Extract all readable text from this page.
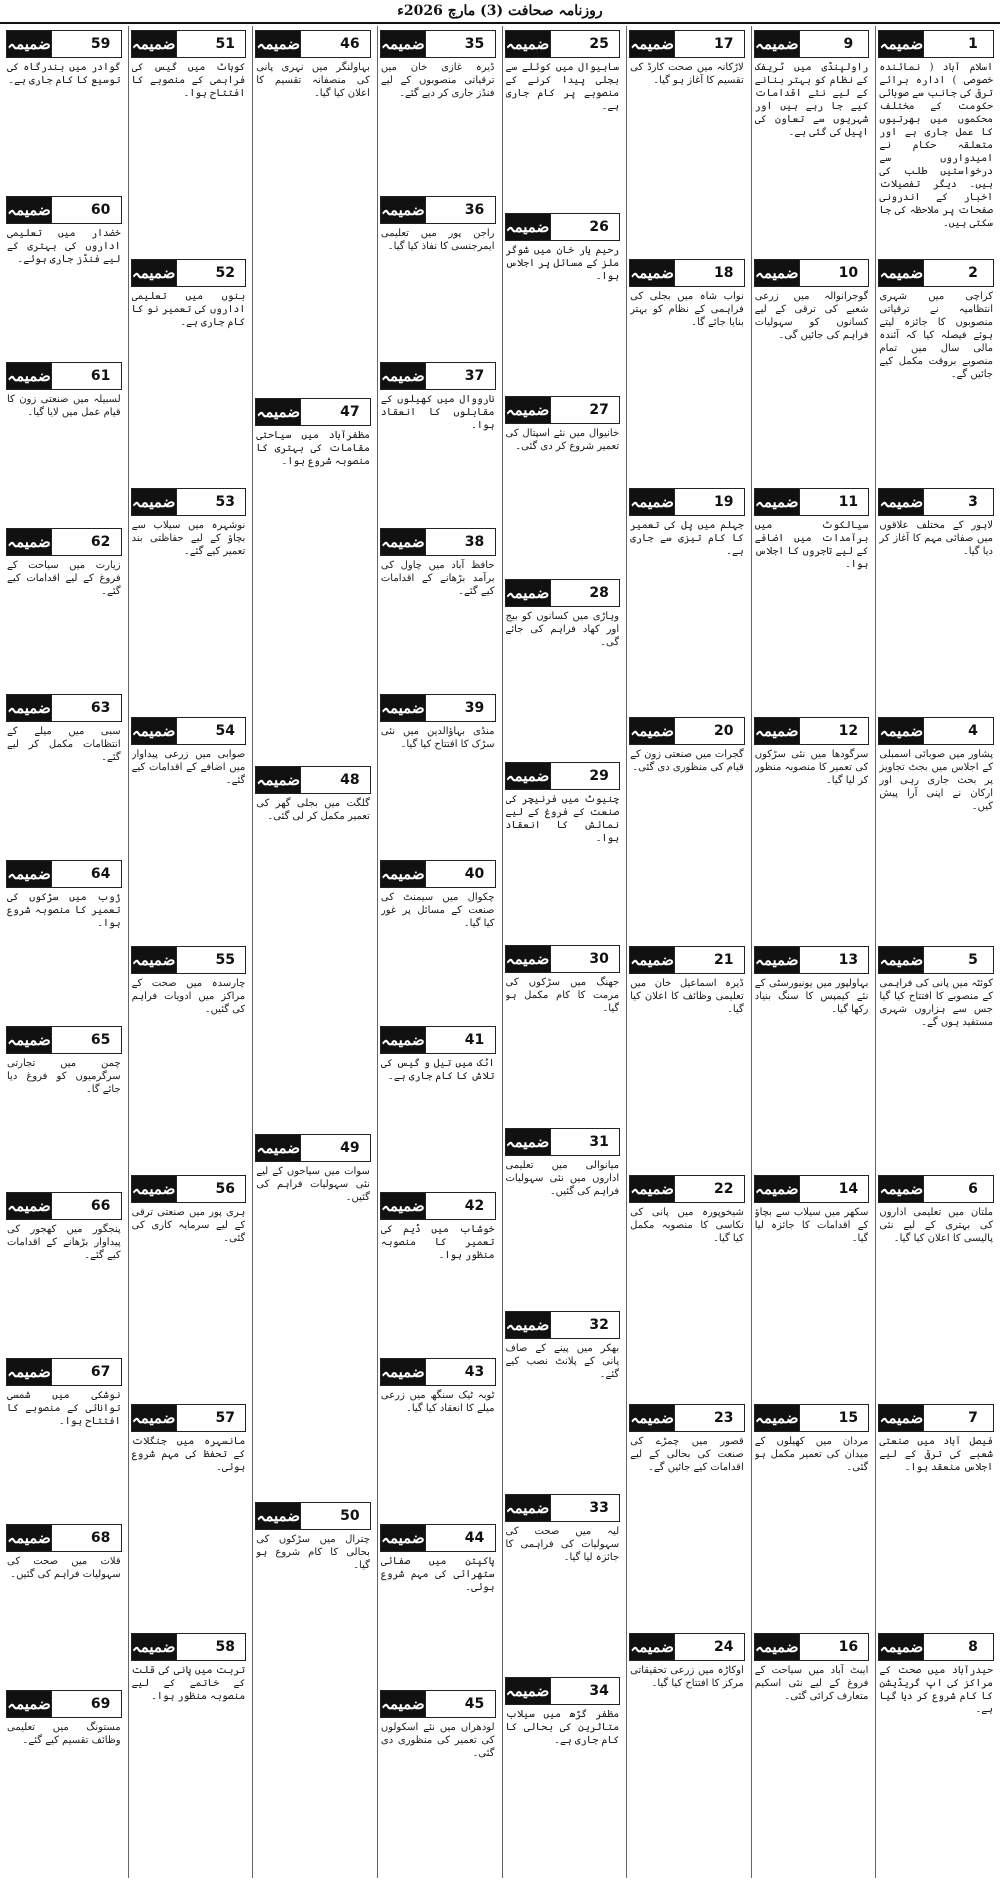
روزنامہ صحافت (3) مارچ 2026ء
1
ضمیمہ
اسلام آباد ( نمائندہ خصوصی ) ادارہ برائے ترقی کی جانب سے صوبائی حکومت کے مختلف محکموں میں بھرتیوں کا عمل جاری ہے اور متعلقہ حکام نے امیدواروں سے درخواستیں طلب کی ہیں۔ دیگر تفصیلات اخبار کے اندرونی صفحات پر ملاحظہ کی جا سکتی ہیں۔
2
ضمیمہ
کراچی میں شہری انتظامیہ نے ترقیاتی منصوبوں کا جائزہ لیتے ہوئے فیصلہ کیا کہ آئندہ مالی سال میں تمام منصوبے بروقت مکمل کیے جائیں گے۔
3
ضمیمہ
لاہور کے مختلف علاقوں میں صفائی مہم کا آغاز کر دیا گیا۔
4
ضمیمہ
پشاور میں صوبائی اسمبلی کے اجلاس میں بجٹ تجاویز پر بحث جاری رہی اور ارکان نے اپنی آرا پیش کیں۔
5
ضمیمہ
کوئٹہ میں پانی کی فراہمی کے منصوبے کا افتتاح کیا گیا جس سے ہزاروں شہری مستفید ہوں گے۔
6
ضمیمہ
ملتان میں تعلیمی اداروں کی بہتری کے لیے نئی پالیسی کا اعلان کیا گیا۔
7
ضمیمہ
فیصل آباد میں صنعتی شعبے کی ترقی کے لیے اجلاس منعقد ہوا۔
8
ضمیمہ
حیدرآباد میں صحت کے مراکز کی اپ گریڈیشن کا کام شروع کر دیا گیا ہے۔
9
ضمیمہ
راولپنڈی میں ٹریفک کے نظام کو بہتر بنانے کے لیے نئے اقدامات کیے جا رہے ہیں اور شہریوں سے تعاون کی اپیل کی گئی ہے۔
10
ضمیمہ
گوجرانوالہ میں زرعی شعبے کی ترقی کے لیے کسانوں کو سہولیات فراہم کی جائیں گی۔
11
ضمیمہ
سیالکوٹ میں برآمدات میں اضافے کے لیے تاجروں کا اجلاس ہوا۔
12
ضمیمہ
سرگودھا میں نئی سڑکوں کی تعمیر کا منصوبہ منظور کر لیا گیا۔
13
ضمیمہ
بہاولپور میں یونیورسٹی کے نئے کیمپس کا سنگ بنیاد رکھا گیا۔
14
ضمیمہ
سکھر میں سیلاب سے بچاؤ کے اقدامات کا جائزہ لیا گیا۔
15
ضمیمہ
مردان میں کھیلوں کے میدان کی تعمیر مکمل ہو گئی۔
16
ضمیمہ
ایبٹ آباد میں سیاحت کے فروغ کے لیے نئی اسکیم متعارف کرائی گئی۔
17
ضمیمہ
لاڑکانہ میں صحت کارڈ کی تقسیم کا آغاز ہو گیا۔
18
ضمیمہ
نواب شاہ میں بجلی کی فراہمی کے نظام کو بہتر بنایا جائے گا۔
19
ضمیمہ
جہلم میں پل کی تعمیر کا کام تیزی سے جاری ہے۔
20
ضمیمہ
گجرات میں صنعتی زون کے قیام کی منظوری دی گئی۔
21
ضمیمہ
ڈیرہ اسماعیل خان میں تعلیمی وظائف کا اعلان کیا گیا۔
22
ضمیمہ
شیخوپورہ میں پانی کی نکاسی کا منصوبہ مکمل کیا گیا۔
23
ضمیمہ
قصور میں چمڑے کی صنعت کی بحالی کے لیے اقدامات کیے جائیں گے۔
24
ضمیمہ
اوکاڑہ میں زرعی تحقیقاتی مرکز کا افتتاح کیا گیا۔
25
ضمیمہ
ساہیوال میں کوئلے سے بجلی پیدا کرنے کے منصوبے پر کام جاری ہے۔
26
ضمیمہ
رحیم یار خان میں شوگر ملز کے مسائل پر اجلاس ہوا۔
27
ضمیمہ
خانیوال میں نئے اسپتال کی تعمیر شروع کر دی گئی۔
28
ضمیمہ
وہاڑی میں کسانوں کو بیج اور کھاد فراہم کی جائے گی۔
29
ضمیمہ
چنیوٹ میں فرنیچر کی صنعت کے فروغ کے لیے نمائش کا انعقاد ہوا۔
30
ضمیمہ
جھنگ میں سڑکوں کی مرمت کا کام مکمل ہو گیا۔
31
ضمیمہ
میانوالی میں تعلیمی اداروں میں نئی سہولیات فراہم کی گئیں۔
32
ضمیمہ
بھکر میں پینے کے صاف پانی کے پلانٹ نصب کیے گئے۔
33
ضمیمہ
لیہ میں صحت کی سہولیات کی فراہمی کا جائزہ لیا گیا۔
34
ضمیمہ
مظفر گڑھ میں سیلاب متاثرین کی بحالی کا کام جاری ہے۔
35
ضمیمہ
ڈیرہ غازی خان میں ترقیاتی منصوبوں کے لیے فنڈز جاری کر دیے گئے۔
36
ضمیمہ
راجن پور میں تعلیمی ایمرجنسی کا نفاذ کیا گیا۔
37
ضمیمہ
نارووال میں کھیلوں کے مقابلوں کا انعقاد ہوا۔
38
ضمیمہ
حافظ آباد میں چاول کی برآمد بڑھانے کے اقدامات کیے گئے۔
39
ضمیمہ
منڈی بہاؤالدین میں نئی سڑک کا افتتاح کیا گیا۔
40
ضمیمہ
چکوال میں سیمنٹ کی صنعت کے مسائل پر غور کیا گیا۔
41
ضمیمہ
اٹک میں تیل و گیس کی تلاش کا کام جاری ہے۔
42
ضمیمہ
خوشاب میں ڈیم کی تعمیر کا منصوبہ منظور ہوا۔
43
ضمیمہ
ٹوبہ ٹیک سنگھ میں زرعی میلے کا انعقاد کیا گیا۔
44
ضمیمہ
پاکپتن میں صفائی ستھرائی کی مہم شروع ہوئی۔
45
ضمیمہ
لودھراں میں نئے اسکولوں کی تعمیر کی منظوری دی گئی۔
46
ضمیمہ
بہاولنگر میں نہری پانی کی منصفانہ تقسیم کا اعلان کیا گیا۔
47
ضمیمہ
مظفرآباد میں سیاحتی مقامات کی بہتری کا منصوبہ شروع ہوا۔
48
ضمیمہ
گلگت میں بجلی گھر کی تعمیر مکمل کر لی گئی۔
49
ضمیمہ
سوات میں سیاحوں کے لیے نئی سہولیات فراہم کی گئیں۔
50
ضمیمہ
چترال میں سڑکوں کی بحالی کا کام شروع ہو گیا۔
51
ضمیمہ
کوہاٹ میں گیس کی فراہمی کے منصوبے کا افتتاح ہوا۔
52
ضمیمہ
بنوں میں تعلیمی اداروں کی تعمیر نو کا کام جاری ہے۔
53
ضمیمہ
نوشہرہ میں سیلاب سے بچاؤ کے لیے حفاظتی بند تعمیر کیے گئے۔
54
ضمیمہ
صوابی میں زرعی پیداوار میں اضافے کے اقدامات کیے گئے۔
55
ضمیمہ
چارسدہ میں صحت کے مراکز میں ادویات فراہم کی گئیں۔
56
ضمیمہ
ہری پور میں صنعتی ترقی کے لیے سرمایہ کاری کی گئی۔
57
ضمیمہ
مانسہرہ میں جنگلات کے تحفظ کی مہم شروع ہوئی۔
58
ضمیمہ
تربت میں پانی کی قلت کے خاتمے کے لیے منصوبہ منظور ہوا۔
59
ضمیمہ
گوادر میں بندرگاہ کی توسیع کا کام جاری ہے۔
60
ضمیمہ
خضدار میں تعلیمی اداروں کی بہتری کے لیے فنڈز جاری ہوئے۔
61
ضمیمہ
لسبیلہ میں صنعتی زون کا قیام عمل میں لایا گیا۔
62
ضمیمہ
زیارت میں سیاحت کے فروغ کے لیے اقدامات کیے گئے۔
63
ضمیمہ
سبی میں میلے کے انتظامات مکمل کر لیے گئے۔
64
ضمیمہ
ژوب میں سڑکوں کی تعمیر کا منصوبہ شروع ہوا۔
65
ضمیمہ
چمن میں تجارتی سرگرمیوں کو فروغ دیا جائے گا۔
66
ضمیمہ
پنجگور میں کھجور کی پیداوار بڑھانے کے اقدامات کیے گئے۔
67
ضمیمہ
نوشکی میں شمسی توانائی کے منصوبے کا افتتاح ہوا۔
68
ضمیمہ
قلات میں صحت کی سہولیات فراہم کی گئیں۔
69
ضمیمہ
مستونگ میں تعلیمی وظائف تقسیم کیے گئے۔
